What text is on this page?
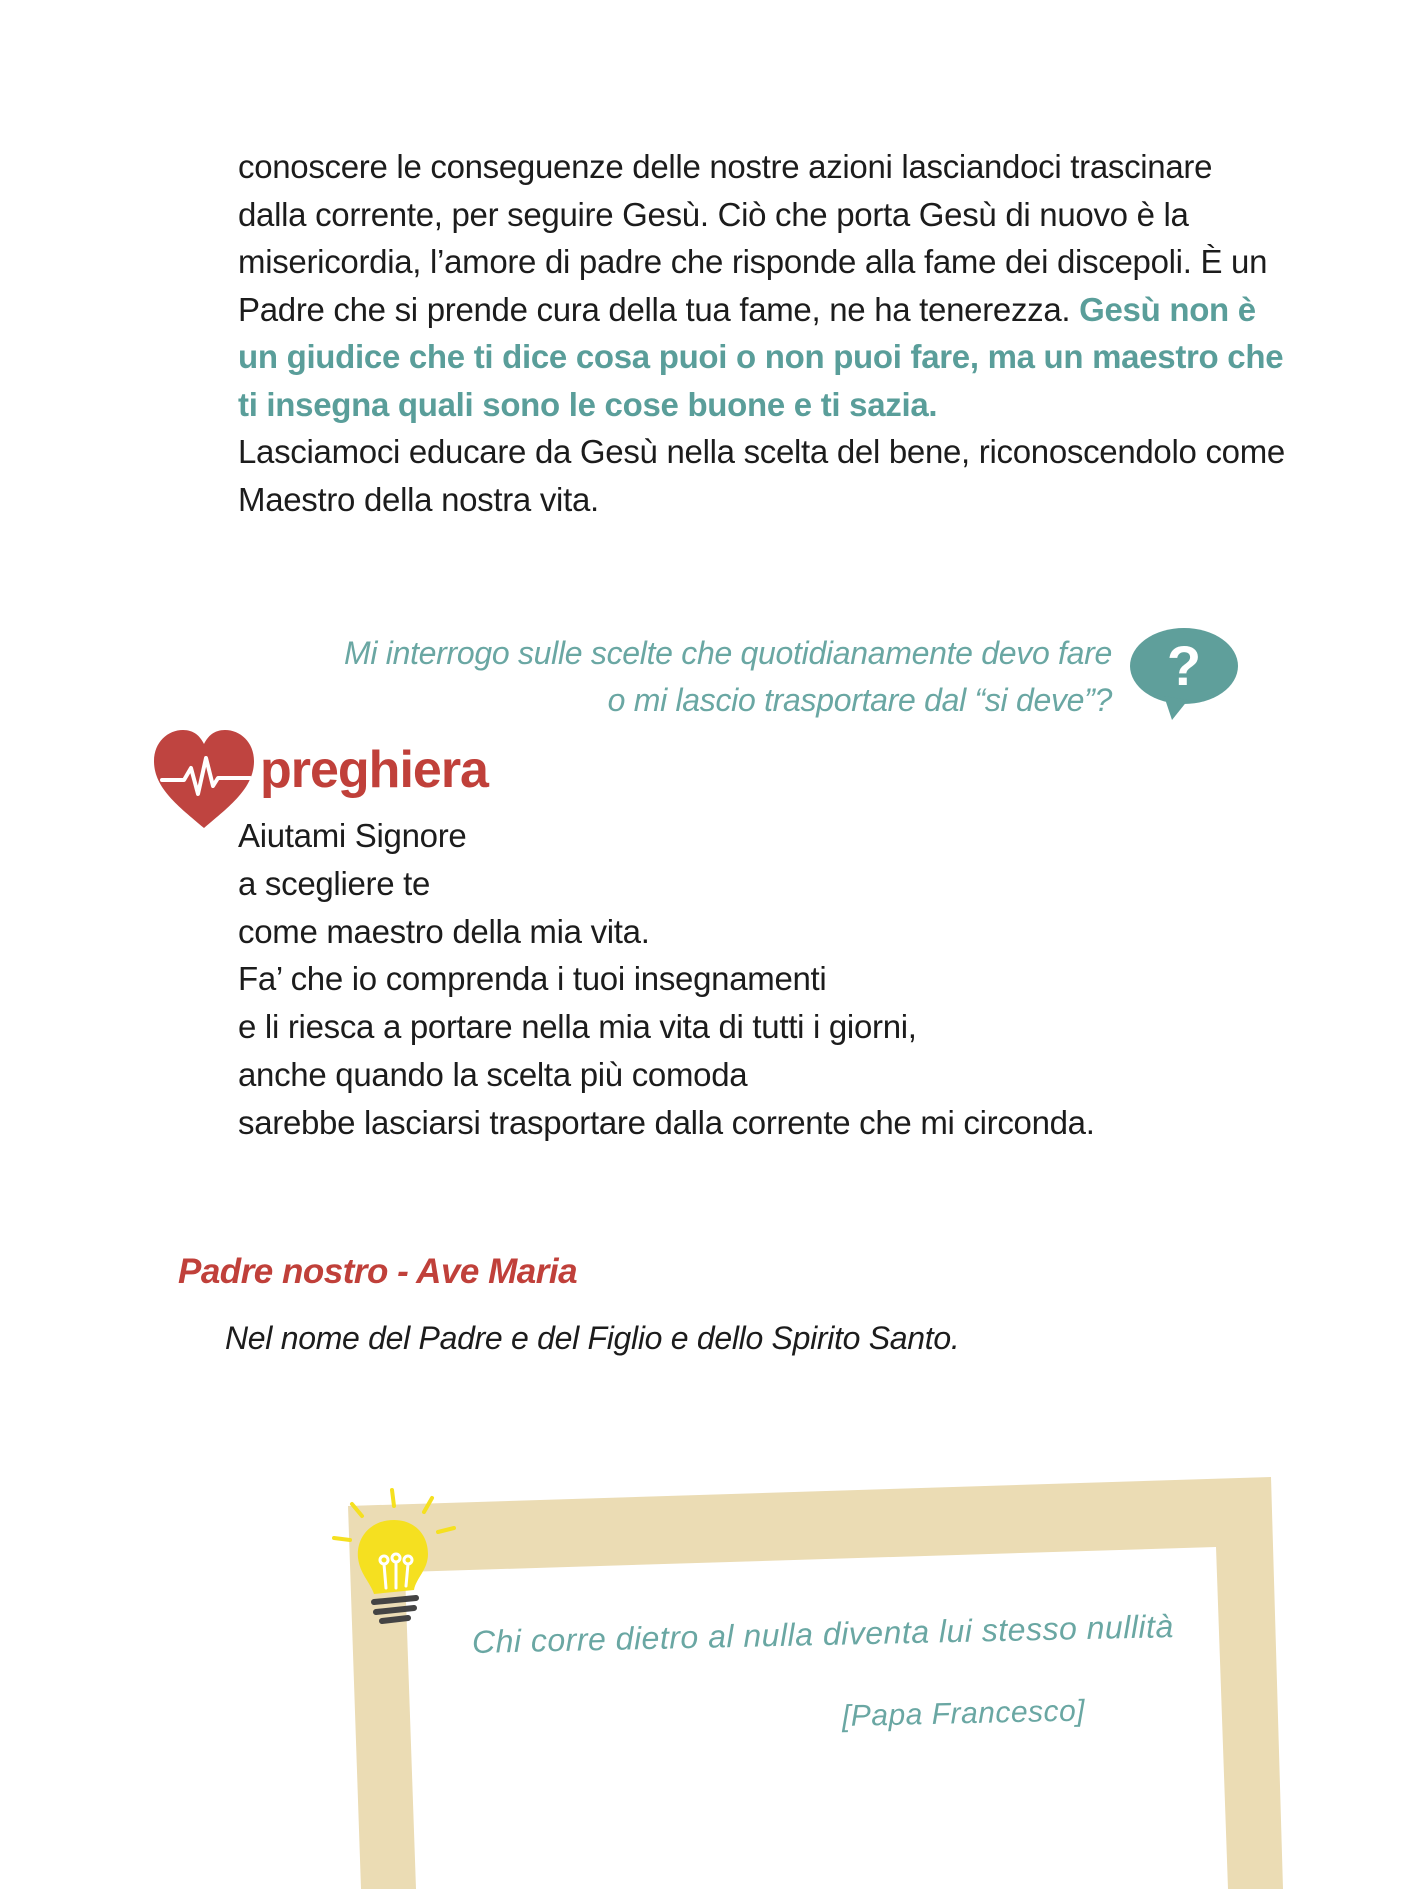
conoscere le conseguenze delle nostre azioni lasciandoci trascinare dalla corrente, per seguire Gesù. Ciò che porta Gesù di nuovo è la misericordia, l’amore di padre che risponde alla fame dei discepoli. È un Padre che si prende cura della tua fame, ne ha tenerezza. Gesù non è un giudice che ti dice cosa puoi o non puoi fare, ma un maestro che ti insegna quali sono le cose buone e ti sazia.
Lasciamoci educare da Gesù nella scelta del bene, riconoscendolo come Maestro della nostra vita.

Mi interrogo sulle scelte che quotidianamente devo fare
o mi lascio trasportare dal “si deve”?
?
preghiera
Aiutami Signore
a scegliere te
come maestro della mia vita.
Fa’ che io comprenda i tuoi insegnamenti
e li riesca a portare nella mia vita di tutti i giorni,
anche quando la scelta più comoda
sarebbe lasciarsi trasportare dalla corrente che mi circonda.
Padre nostro - Ave Maria
Nel nome del Padre e del Figlio e dello Spirito Santo.
Chi corre dietro al nulla diventa lui stesso nullità
[Papa Francesco]
